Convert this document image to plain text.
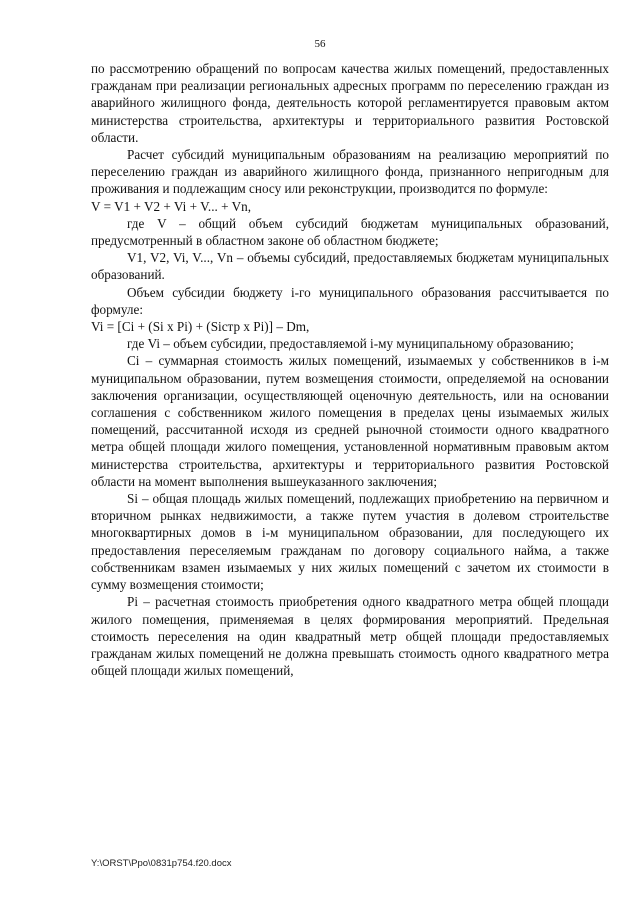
56

по рассмотрению обращений по вопросам качества жилых помещений, предоставленных гражданам при реализации региональных адресных программ по переселению граждан из аварийного жилищного фонда, деятельность которой регламентируется правовым актом министерства строительства, архитектуры и территориального развития Ростовской области.

Расчет субсидий муниципальным образованиям на реализацию мероприятий по переселению граждан из аварийного жилищного фонда, признанного непригодным для проживания и подлежащим сносу или реконструкции, производится по формуле:

V = V1 + V2 + Vi + V... + Vn,

где V – общий объем субсидий бюджетам муниципальных образований, предусмотренный в областном законе об областном бюджете;

V1, V2, Vi, V..., Vn – объемы субсидий, предоставляемых бюджетам муниципальных образований.

Объем субсидии бюджету i-го муниципального образования рассчитывается по формуле:

Vi = [Ci + (Si x Pi) + (Siстр x Pi)] – Dm,

где Vi – объем субсидии, предоставляемой i-му муниципальному образованию;

Ci – суммарная стоимость жилых помещений, изымаемых у собственников в i-м муниципальном образовании, путем возмещения стоимости, определяемой на основании заключения организации, осуществляющей оценочную деятельность, или на основании соглашения с собственником жилого помещения в пределах цены изымаемых жилых помещений, рассчитанной исходя из средней рыночной стоимости одного квадратного метра общей площади жилого помещения, установленной нормативным правовым актом министерства строительства, архитектуры и территориального развития Ростовской области на момент выполнения вышеуказанного заключения;

Si – общая площадь жилых помещений, подлежащих приобретению на первичном и вторичном рынках недвижимости, а также путем участия в долевом строительстве многоквартирных домов в i-м муниципальном образовании, для последующего их предоставления переселяемым гражданам по договору социального найма, а также собственникам взамен изымаемых у них жилых помещений с зачетом их стоимости в сумму возмещения стоимости;

Pi – расчетная стоимость приобретения одного квадратного метра общей площади жилого помещения, применяемая в целях формирования мероприятий. Предельная стоимость переселения на один квадратный метр общей площади предоставляемых гражданам жилых помещений не должна превышать стоимость одного квадратного метра общей площади жилых помещений,

Y:\ORST\Ppo\0831p754.f20.docx
